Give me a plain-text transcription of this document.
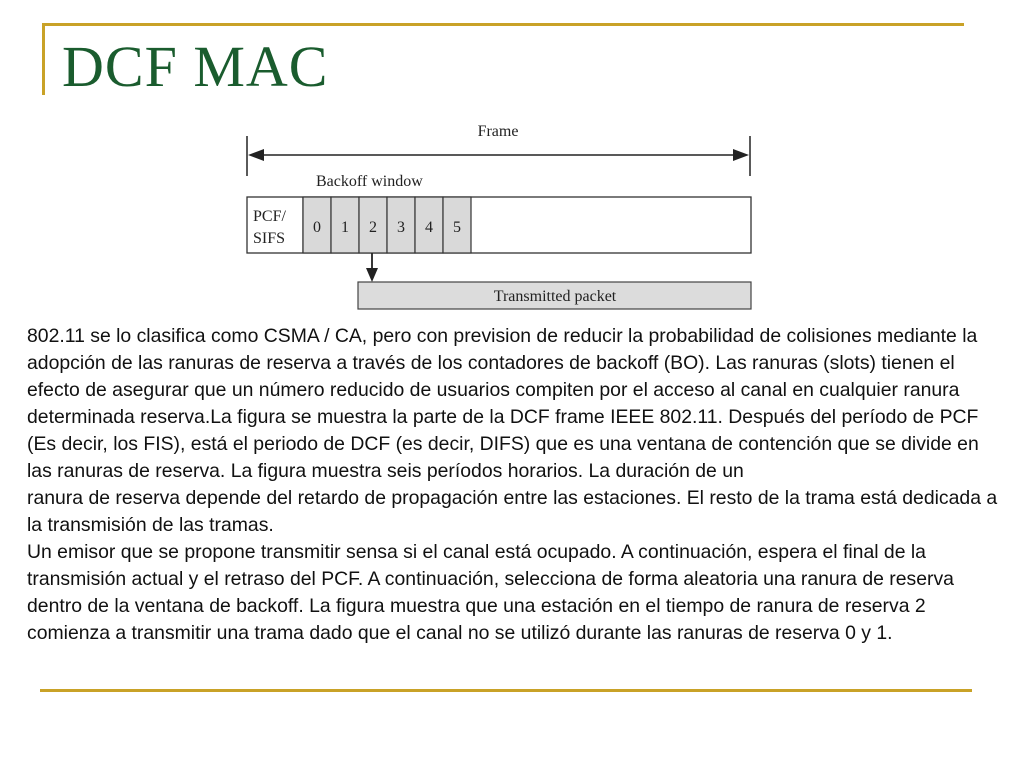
DCF MAC
Frame
Backoff window
PCF/
SIFS
0 1 2 3 4 5
Transmitted packet

802.11 se lo clasifica como CSMA / CA, pero con prevision de reducir la probabilidad de colisiones mediante la adopción de las ranuras de reserva a través de los contadores de backoff (BO). Las ranuras (slots) tienen el efecto de asegurar que un número reducido de usuarios compiten por el acceso al canal en cualquier ranura determinada reserva.La figura se muestra la parte de la DCF frame IEEE 802.11. Después del período de PCF (Es decir, los FIS), está el periodo de DCF (es decir, DIFS) que es una ventana de contención que se divide en las ranuras de reserva. La figura muestra seis períodos horarios. La duración de un

ranura de reserva depende del retardo de propagación entre las estaciones. El resto de la trama está dedicada a la transmisión de las tramas.

Un emisor que se propone transmitir sensa si el canal está ocupado. A continuación, espera el final de la transmisión actual y el retraso del PCF. A continuación, selecciona de forma aleatoria una ranura de reserva dentro de la ventana de backoff. La figura muestra que una estación en el tiempo de ranura de reserva 2 comienza a transmitir una trama dado que el canal no se utilizó durante las ranuras de reserva 0 y 1.
